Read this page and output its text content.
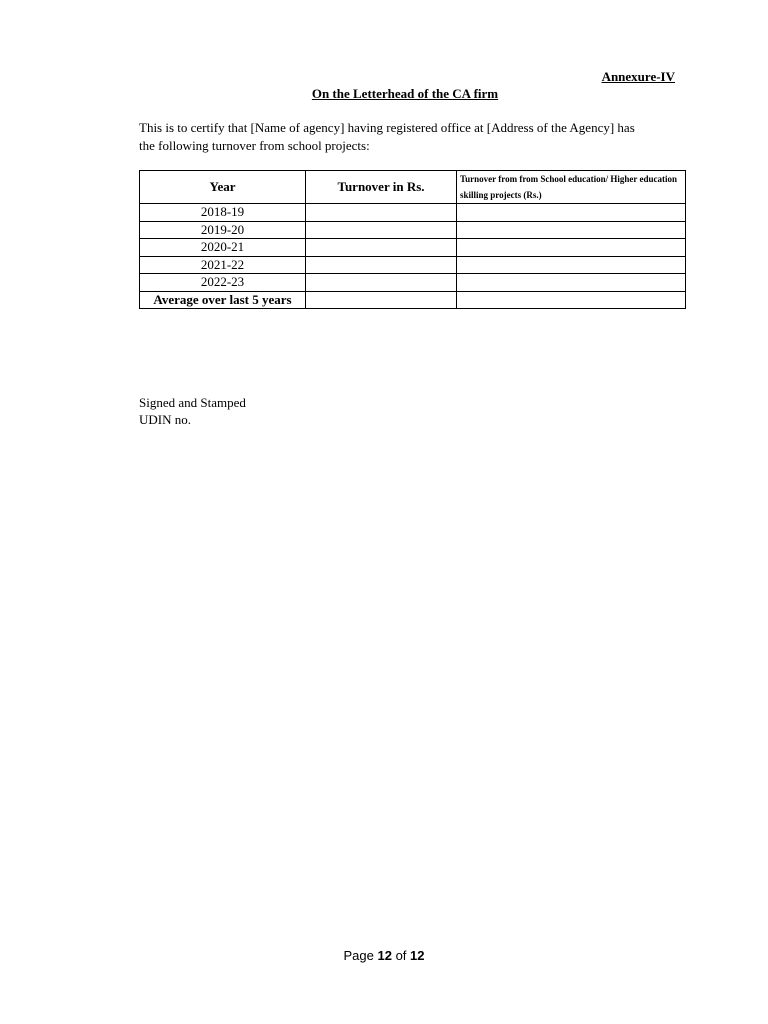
Annexure-IV
On the Letterhead of the CA firm
This is to certify that [Name of agency] having registered office at [Address of the Agency] has
the following turnover from school projects:
Year	Turnover in Rs.	Turnover from from School education/ Higher education skilling projects (Rs.)
2018-19		
2019-20		
2020-21		
2021-22		
2022-23		
Average over last 5 years		
Signed and Stamped
UDIN no.
Page 12 of 12
